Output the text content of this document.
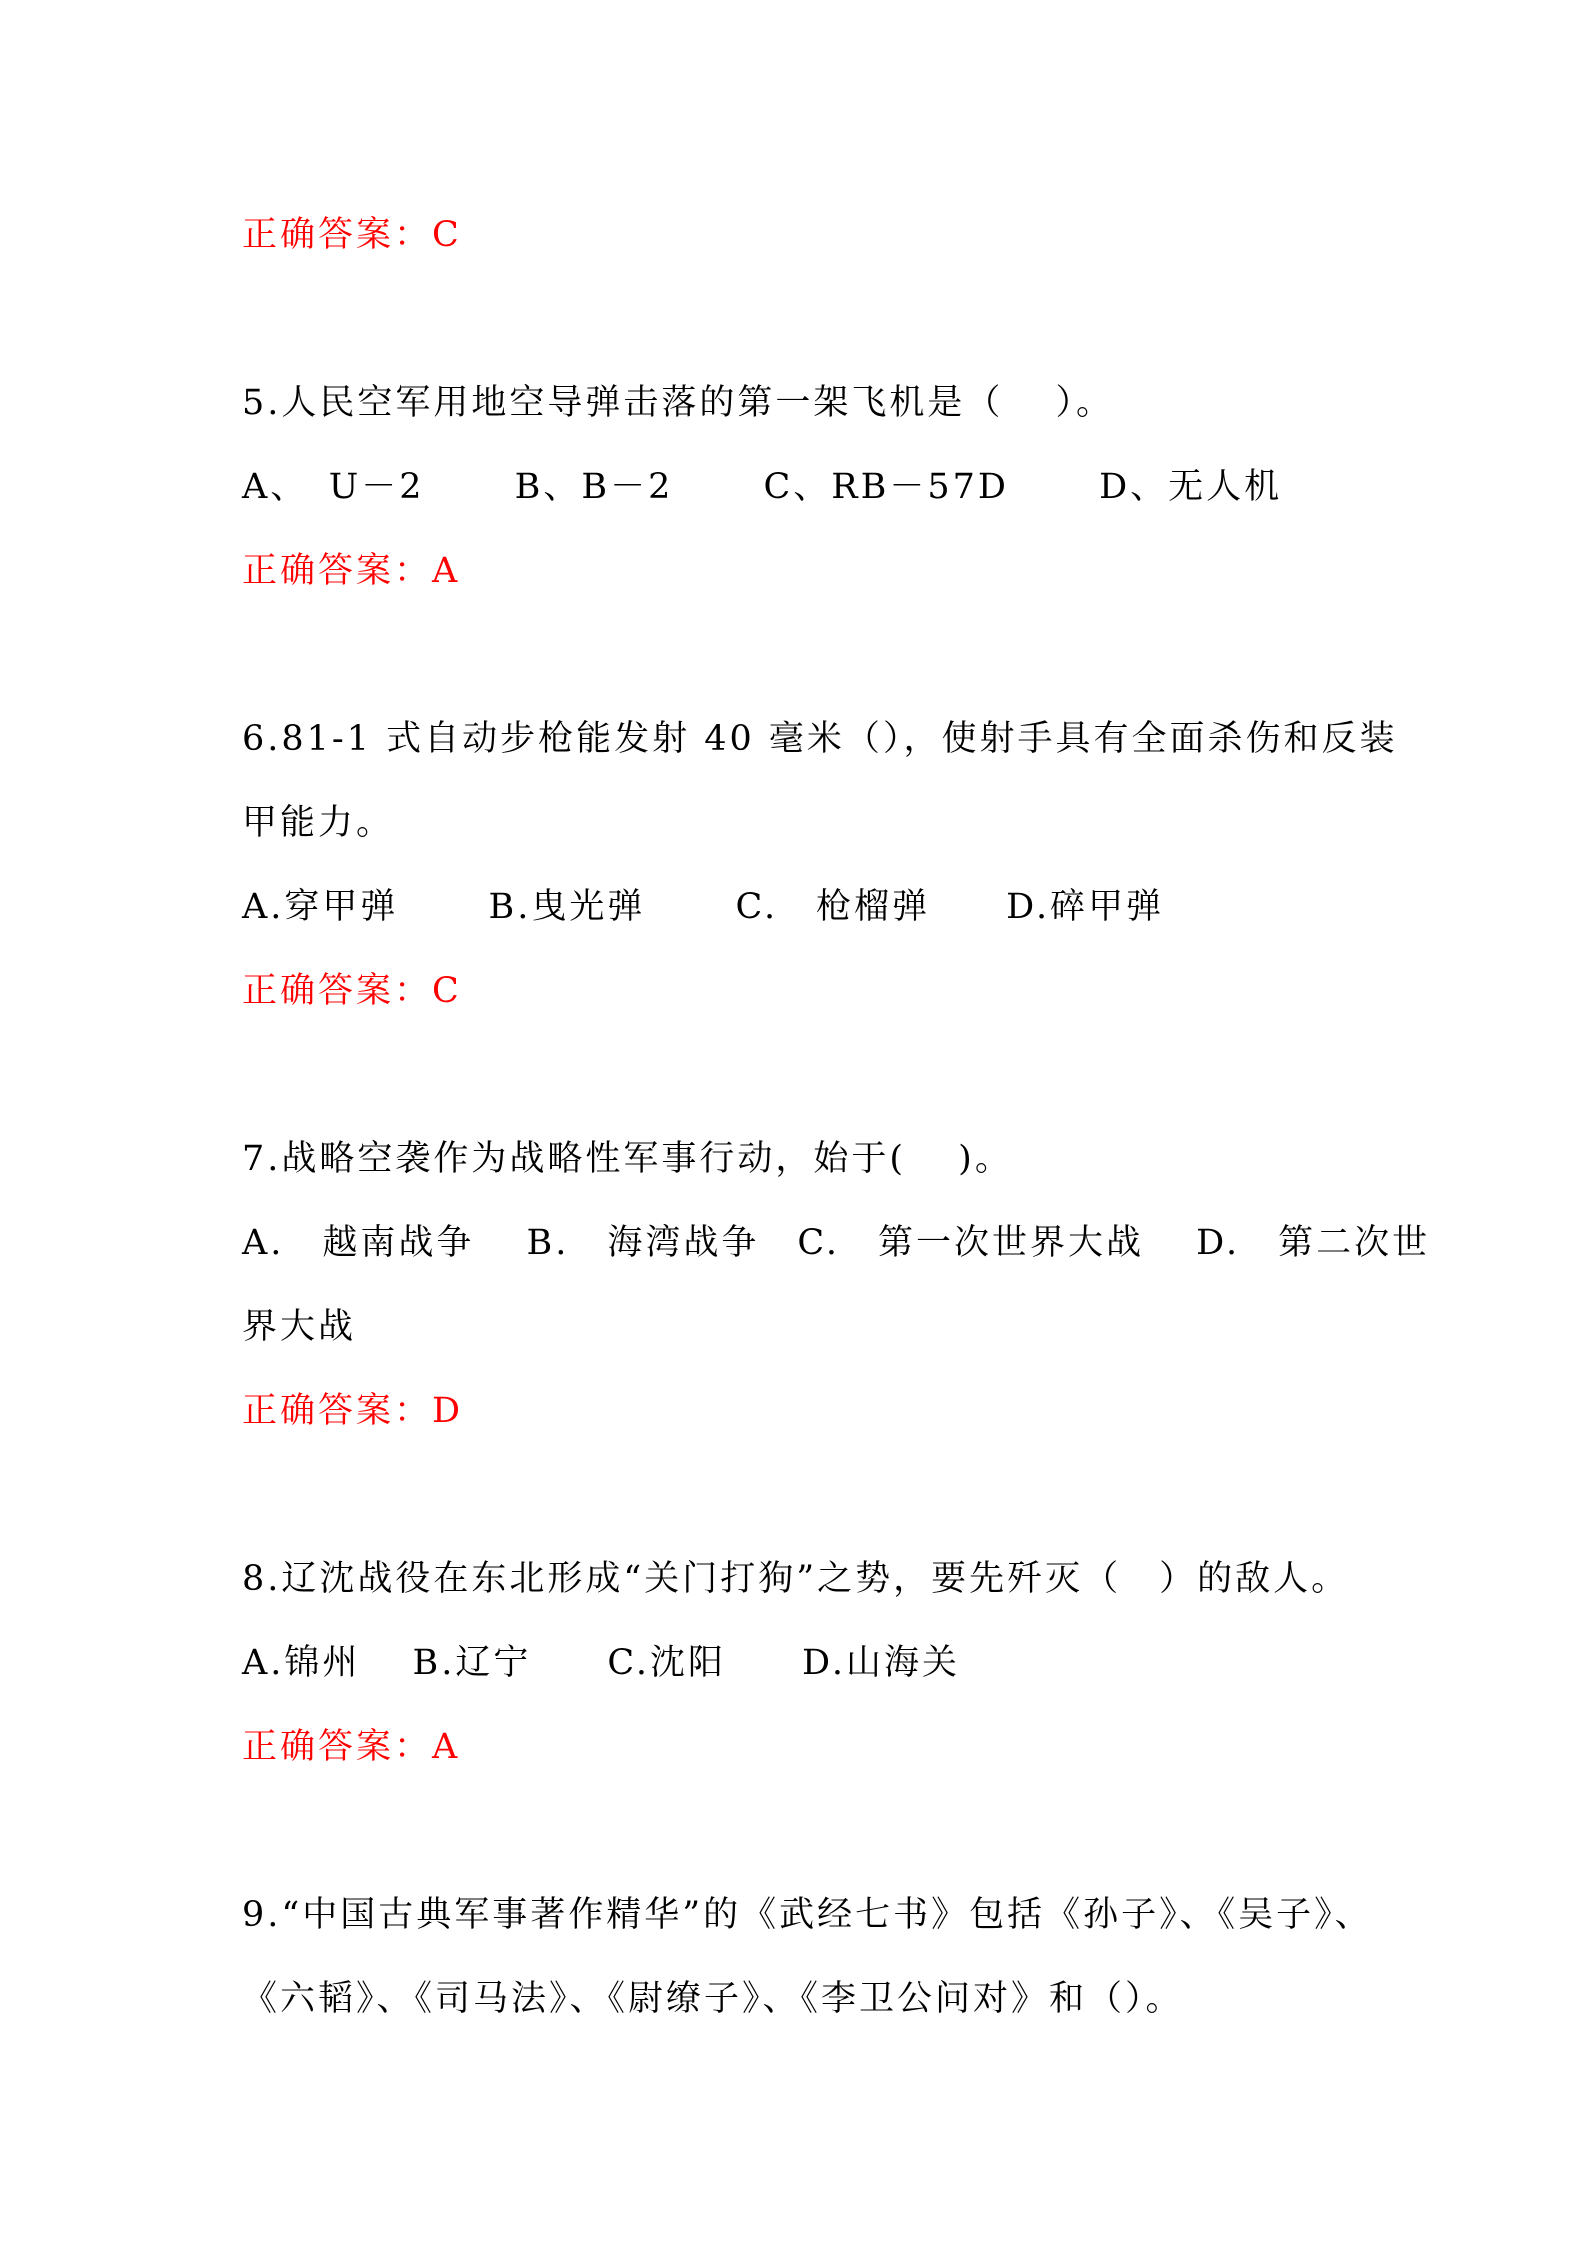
正确答案：C
5.人民空军用地空导弹击落的第一架飞机是（　 ）。
A、　U－2　　 B、B－2　　 C、RB－57D　　 D、无人机
正确答案：A
6.81-1 式自动步枪能发射 40 毫米（），使射手具有全面杀伤和反装
甲能力。
A.穿甲弹　　 B.曳光弹　　 C.　枪榴弹　　D.碎甲弹
正确答案：C
7.战略空袭作为战略性军事行动，始于(　 )。
A.　越南战争　 B.　海湾战争　C.　第一次世界大战　 D.　第二次世
界大战
正确答案：D
8.辽沈战役在东北形成“关门打狗”之势，要先歼灭（　）的敌人。
A.锦州　 B.辽宁　　C.沈阳　　D.山海关
正确答案：A
9.“中国古典军事著作精华”的《武经七书》包括《孙子》、《吴子》、
《六韬》、《司马法》、《尉缭子》、《李卫公问对》和（）。
